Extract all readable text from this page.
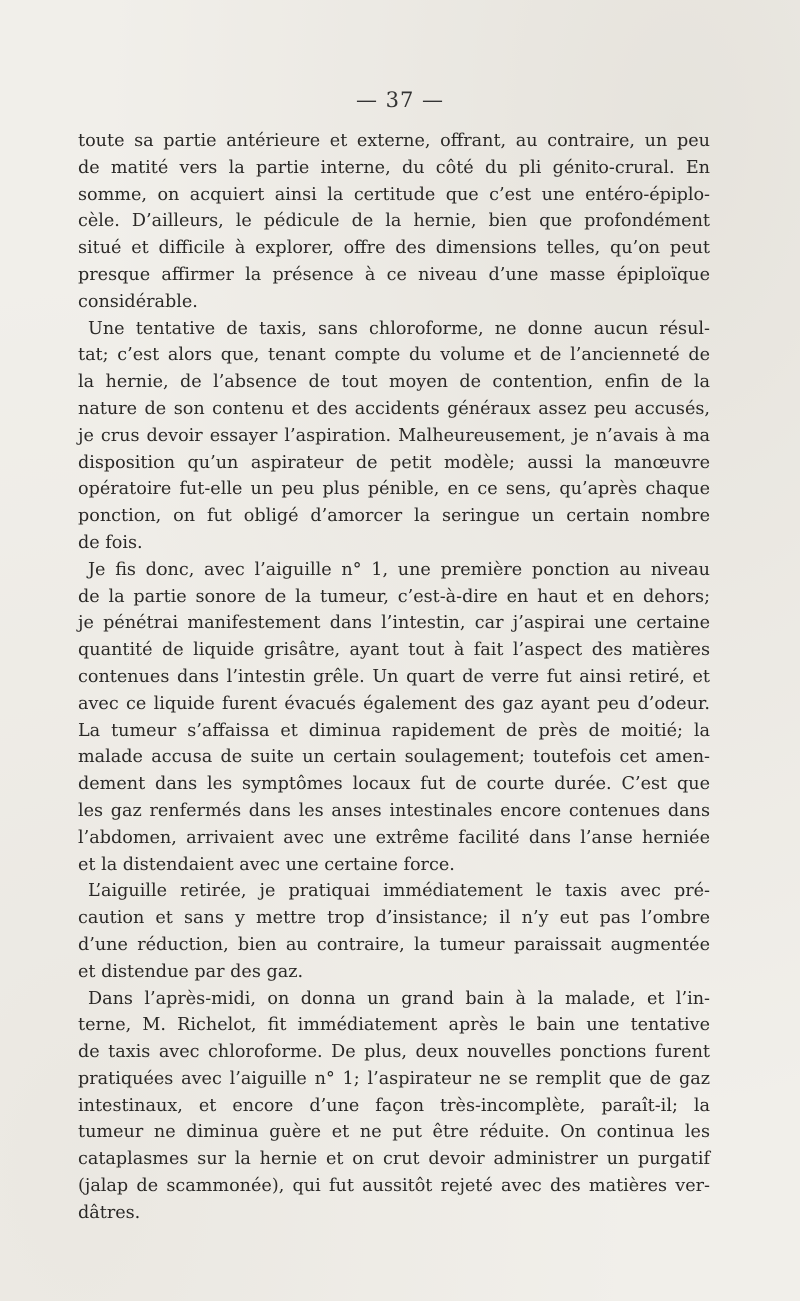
— 37 —
toute sa partie antérieure et externe, offrant, au contraire, un peu
de matité vers la partie interne, du côté du pli génito-crural. En
somme, on acquiert ainsi la certitude que c’est une entéro-épiplo-
cèle. D’ailleurs, le pédicule de la hernie, bien que profondément
situé et difficile à explorer, offre des dimensions telles, qu’on peut
presque affirmer la présence à ce niveau d’une masse épiploïque
considérable.
Une tentative de taxis, sans chloroforme, ne donne aucun résul-
tat; c’est alors que, tenant compte du volume et de l’ancienneté de
la hernie, de l’absence de tout moyen de contention, enfin de la
nature de son contenu et des accidents généraux assez peu accusés,
je crus devoir essayer l’aspiration. Malheureusement, je n’avais à ma
disposition qu’un aspirateur de petit modèle; aussi la manœuvre
opératoire fut-elle un peu plus pénible, en ce sens, qu’après chaque
ponction, on fut obligé d’amorcer la seringue un certain nombre
de fois.
Je fis donc, avec l’aiguille n° 1, une première ponction au niveau
de la partie sonore de la tumeur, c’est-à-dire en haut et en dehors;
je pénétrai manifestement dans l’intestin, car j’aspirai une certaine
quantité de liquide grisâtre, ayant tout à fait l’aspect des matières
contenues dans l’intestin grêle. Un quart de verre fut ainsi retiré, et
avec ce liquide furent évacués également des gaz ayant peu d’odeur.
La tumeur s’affaissa et diminua rapidement de près de moitié; la
malade accusa de suite un certain soulagement; toutefois cet amen-
dement dans les symptômes locaux fut de courte durée. C’est que
les gaz renfermés dans les anses intestinales encore contenues dans
l’abdomen, arrivaient avec une extrême facilité dans l’anse herniée
et la distendaient avec une certaine force.
L’aiguille retirée, je pratiquai immédiatement le taxis avec pré-
caution et sans y mettre trop d’insistance; il n’y eut pas l’ombre
d’une réduction, bien au contraire, la tumeur paraissait augmentée
et distendue par des gaz.
Dans l’après-midi, on donna un grand bain à la malade, et l’in-
terne, M. Richelot, fit immédiatement après le bain une tentative
de taxis avec chloroforme. De plus, deux nouvelles ponctions furent
pratiquées avec l’aiguille n° 1; l’aspirateur ne se remplit que de gaz
intestinaux, et encore d’une façon très-incomplète, paraît-il; la
tumeur ne diminua guère et ne put être réduite. On continua les
cataplasmes sur la hernie et on crut devoir administrer un purgatif
(jalap de scammonée), qui fut aussitôt rejeté avec des matières ver-
dâtres.
